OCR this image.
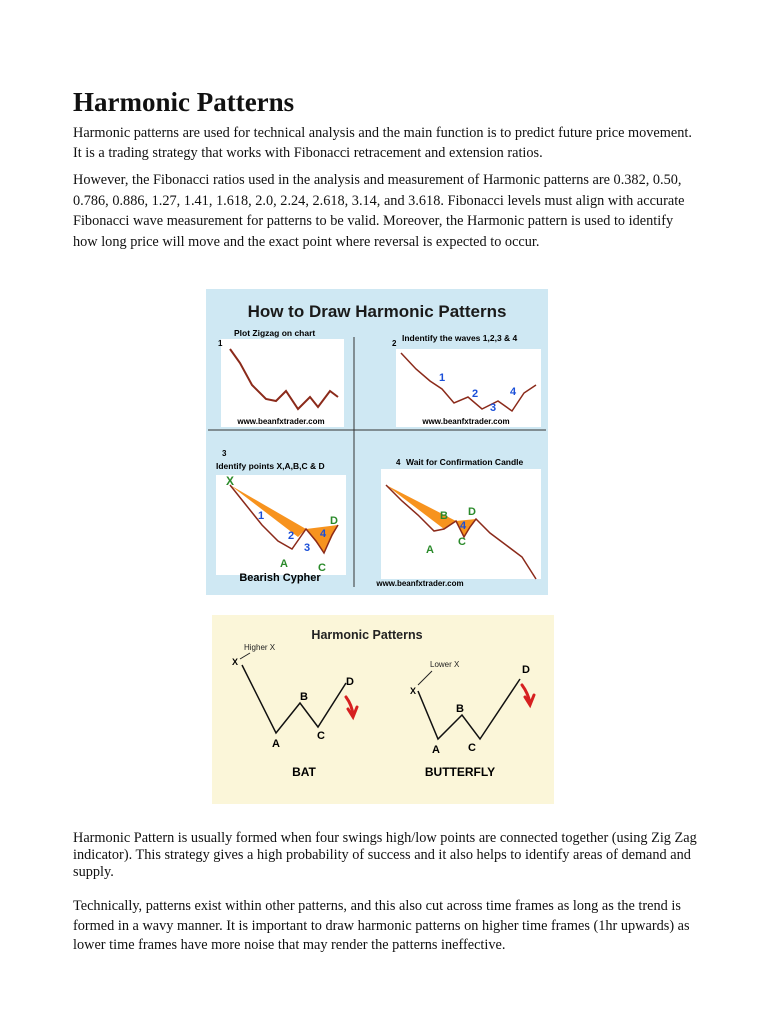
Harmonic Patterns

Harmonic patterns are used for technical analysis and the main function is to predict future price movement. It is a trading strategy that works with Fibonacci retracement and extension ratios.

However, the Fibonacci ratios used in the analysis and measurement of Harmonic patterns are 0.382, 0.50, 0.786, 0.886, 1.27, 1.41, 1.618, 2.0, 2.24, 2.618, 3.14, and 3.618. Fibonacci levels must align with accurate Fibonacci wave measurement for patterns to be valid. Moreover, the Harmonic pattern is used to identify how long price will move and the exact point where reversal is expected to occur.

How to Draw Harmonic Patterns
1
Plot Zigzag on chart
www.beanfxtrader.com
2
Indentify the waves 1,2,3 & 4
1
2
3
4
www.beanfxtrader.com
3
Identify points X,A,B,C & D
X
1
2
3
4
A	C
D
Bearish Cypher
4 Wait for Confirmation Candle
B D
4
A
C
www.beanfxtrader.com
Harmonic Patterns
Higher X
X
A
B
C
D
BAT
Lower X
X
A
B
C
D
BUTTERFLY

Harmonic Pattern is usually formed when four swings high/low points are connected together (using Zig Zag indicator). This strategy gives a high probability of success and it also helps to identify areas of demand and supply.

Technically, patterns exist within other patterns, and this also cut across time frames as long as the trend is formed in a wavy manner. It is important to draw harmonic patterns on higher time frames (1hr upwards) as lower time frames have more noise that may render the patterns ineffective.
